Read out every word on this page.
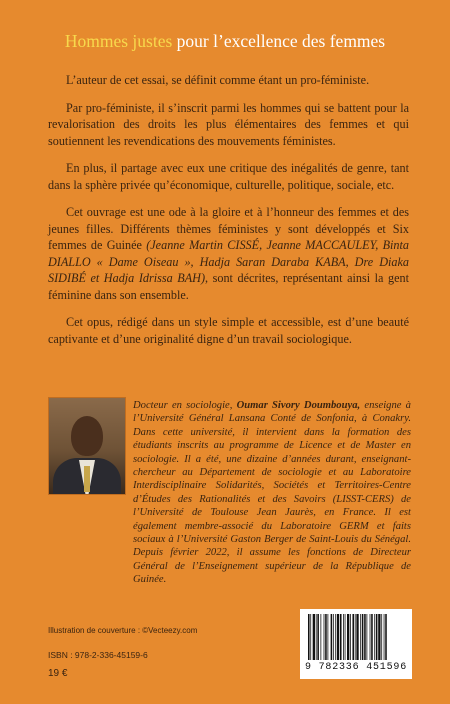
Hommes justes pour l’excellence des femmes

L’auteur de cet essai, se définit comme étant un pro-féministe.

Par pro-féministe, il s’inscrit parmi les hommes qui se battent pour la revalorisation des droits les plus élémentaires des femmes et qui soutiennent les revendications des mouvements féministes.

En plus, il partage avec eux une critique des inégalités de genre, tant dans la sphère privée qu’économique, culturelle, politique, sociale, etc.

Cet ouvrage est une ode à la gloire et à l’honneur des femmes et des jeunes filles. Différents thèmes féministes y sont développés et Six femmes de Guinée (Jeanne Martin CISSÉ, Jeanne MACCAULEY, Binta DIALLO « Dame Oiseau », Hadja Saran Daraba KABA, Dre Diaka SIDIBÉ et Hadja Idrissa BAH), sont décrites, représentant ainsi la gent féminine dans son ensemble.

Cet opus, rédigé dans un style simple et accessible, est d’une beauté captivante et d’une originalité digne d’un travail sociologique.

Docteur en sociologie, Oumar Sivory Doumbouya, enseigne à l’Université Général Lansana Conté de Sonfonia, à Conakry. Dans cette université, il intervient dans la formation des étudiants inscrits au programme de Licence et de Master en sociologie. Il a été, une dizaine d’années durant, enseignant-chercheur au Département de sociologie et au Laboratoire Interdisciplinaire Solidarités, Sociétés et Territoires-Centre d’Études des Rationalités et des Savoirs (LISST-CERS) de l’Université de Toulouse Jean Jaurès, en France. Il est également membre-associé du Laboratoire GERM et faits sociaux à l’Université Gaston Berger de Saint-Louis du Sénégal. Depuis février 2022, il assume les fonctions de Directeur Général de l’Enseignement supérieur de la République de Guinée.
Illustration de couverture : ©Vecteezy.com
ISBN : 978-2-336-45159-6
19 €
9 782336 451596
